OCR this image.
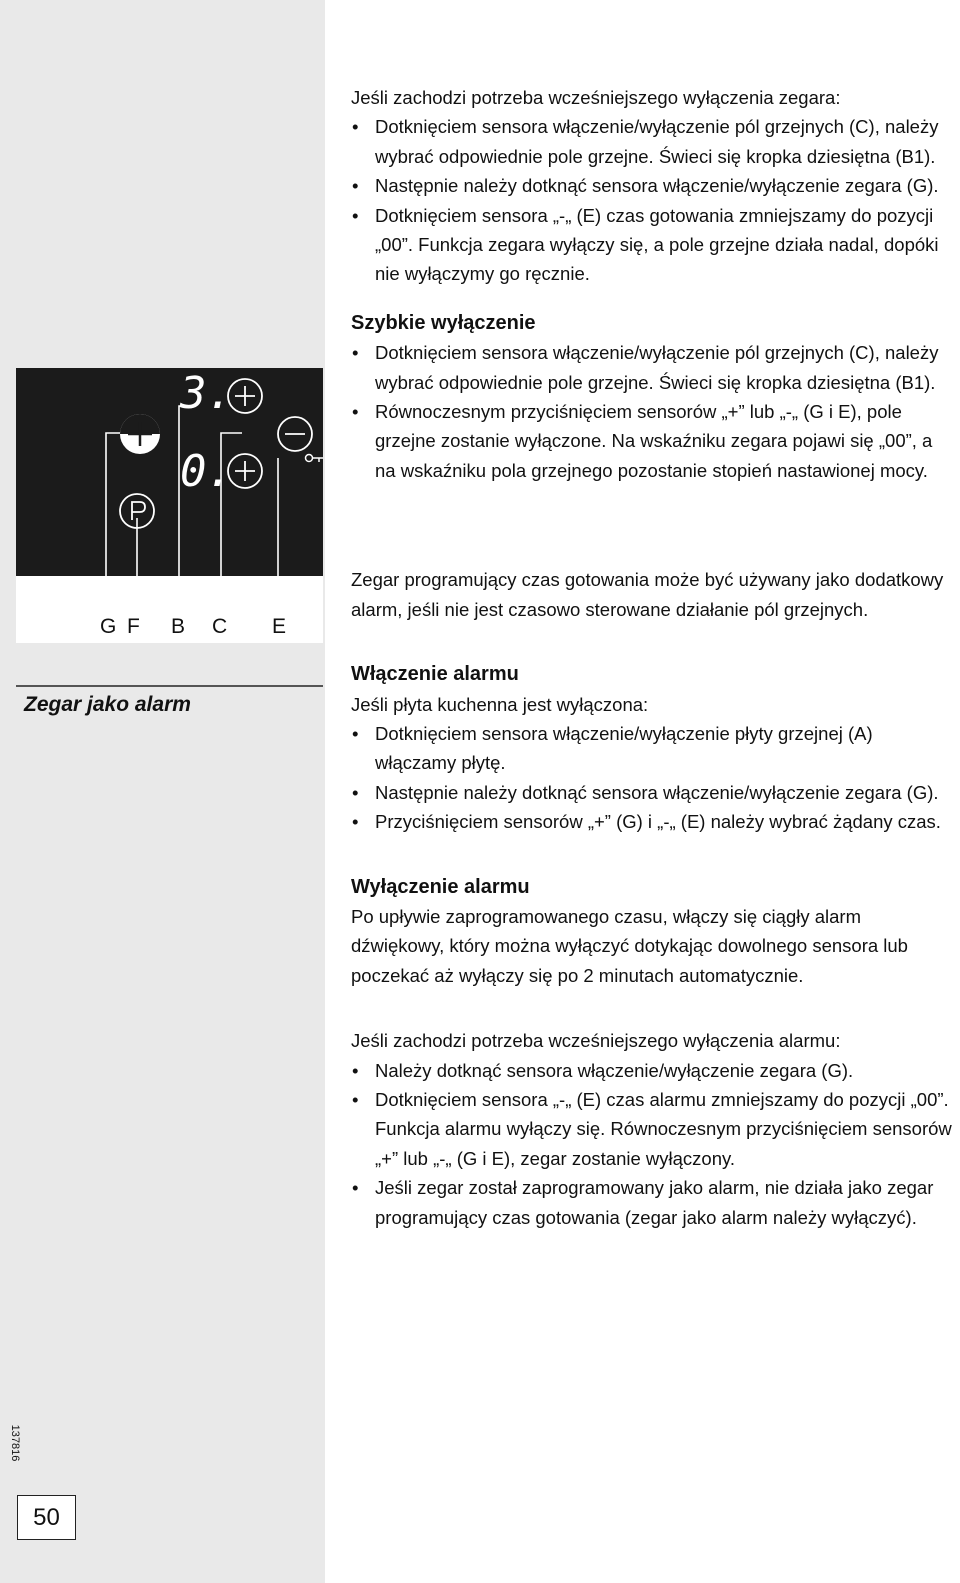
3.
0.
G F B C E
Zegar jako alarm

Jeśli zachodzi potrzeba wcześniejszego wyłączenia zegara:

• Dotknięciem sensora włączenie/wyłączenie pól grzejnych (C), należy wybrać odpowiednie pole grzejne. Świeci się kropka dziesiętna (B1).
• Następnie należy dotknąć sensora włączenie/wyłączenie zegara (G).
• Dotknięciem sensora „-„ (E) czas gotowania zmniejszamy do pozycji „00”. Funkcja zegara wyłączy się, a pole grzejne działa nadal, dopóki nie wyłączymy go ręcznie.

Szybkie wyłączenie

• Dotknięciem sensora włączenie/wyłączenie pól grzejnych (C), należy wybrać odpowiednie pole grzejne. Świeci się kropka dziesiętna (B1).
• Równoczesnym przyciśnięciem sensorów „+” lub „-„ (G i E), pole grzejne zostanie wyłączone. Na wskaźniku zegara pojawi się „00”, a na wskaźniku pola grzejnego pozostanie stopień nastawionej mocy.

Zegar programujący czas gotowania może być używany jako dodatkowy alarm, jeśli nie jest czasowo sterowane działanie pól grzejnych.

Włączenie alarmu

Jeśli płyta kuchenna jest wyłączona:

• Dotknięciem sensora włączenie/wyłączenie płyty grzejnej (A) włączamy płytę.
• Następnie należy dotknąć sensora włączenie/wyłączenie zegara (G).
• Przyciśnięciem sensorów „+” (G) i „-„ (E) należy wybrać żądany czas.

Wyłączenie alarmu

Po upływie zaprogramowanego czasu, włączy się ciągły alarm dźwiękowy, który można wyłączyć dotykając dowolnego sensora lub poczekać aż wyłączy się po 2 minutach automatycznie.

Jeśli zachodzi potrzeba wcześniejszego wyłączenia alarmu:

• Należy dotknąć sensora włączenie/wyłączenie zegara (G).
• Dotknięciem sensora „-„ (E) czas alarmu zmniejszamy do pozycji „00”.
Funkcja alarmu wyłączy się. Równoczesnym przyciśnięciem sensorów „+” lub „-„ (G i E), zegar zostanie wyłączony.
• Jeśli zegar został zaprogramowany jako alarm, nie działa jako zegar programujący czas gotowania (zegar jako alarm należy wyłączyć).
137816
50
